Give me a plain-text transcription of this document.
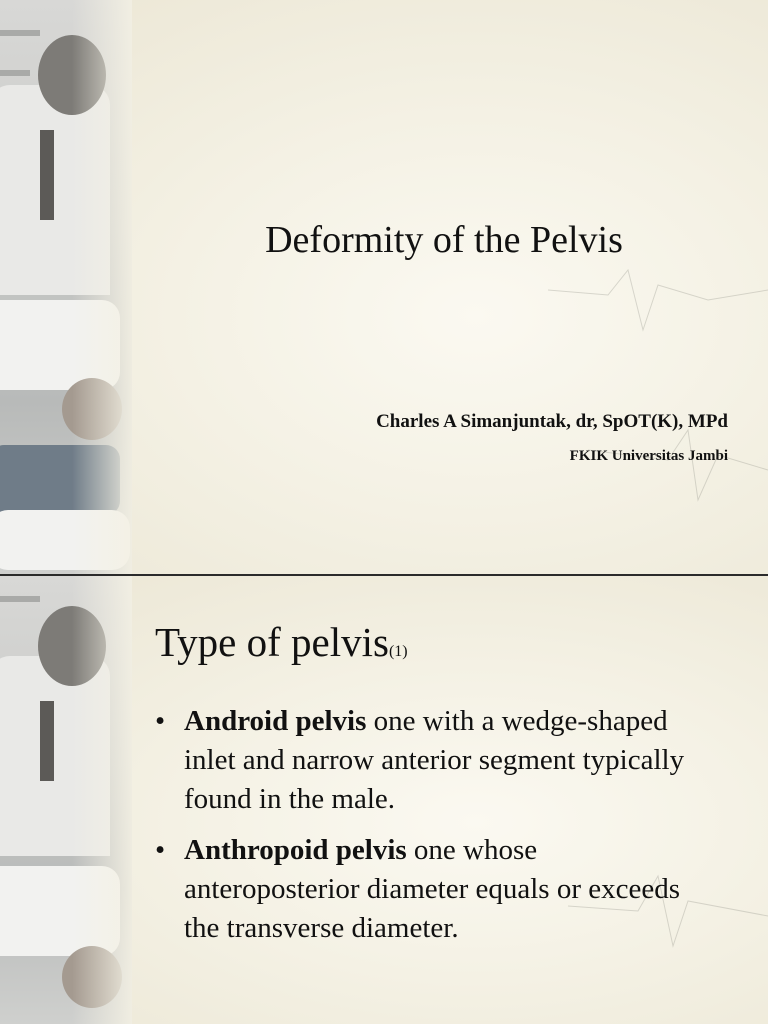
Deformity of the Pelvis
Charles A Simanjuntak, dr, SpOT(K), MPd
FKIK Universitas Jambi
Type of pelvis(1)
• Android pelvis one with a wedge-shaped inlet and narrow anterior segment typically found in the male.
• Anthropoid pelvis one whose anteroposterior diameter equals or exceeds the transverse diameter.
